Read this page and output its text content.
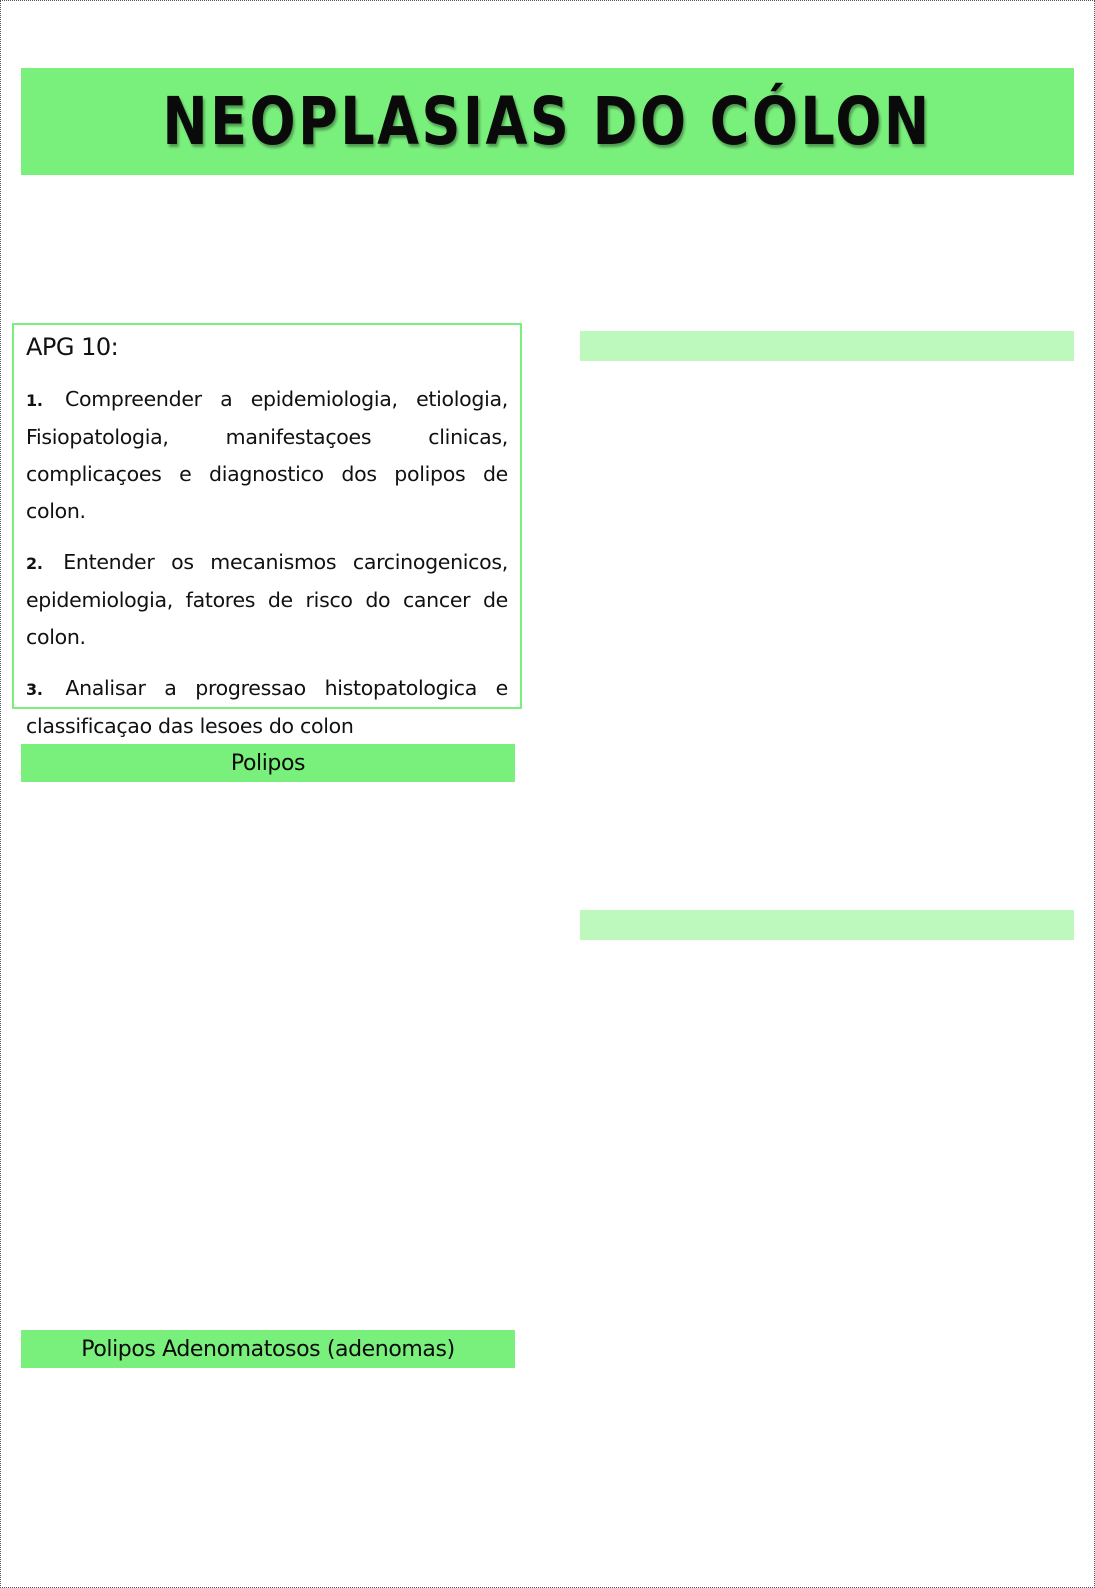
NEOPLASIAS DO CÓLON

APG 10:

1. Compreender a epidemiologia, etiologia, Fisiopatologia, manifestaçoes clinicas, complicaçoes e diagnostico dos polipos de colon.

2. Entender os mecanismos carcinogenicos, epidemiologia, fatores de risco do cancer de colon.

3. Analisar a progressao histopatologica e classificaçao das lesoes do colon

Polipos
Polipos Adenomatosos (adenomas)
